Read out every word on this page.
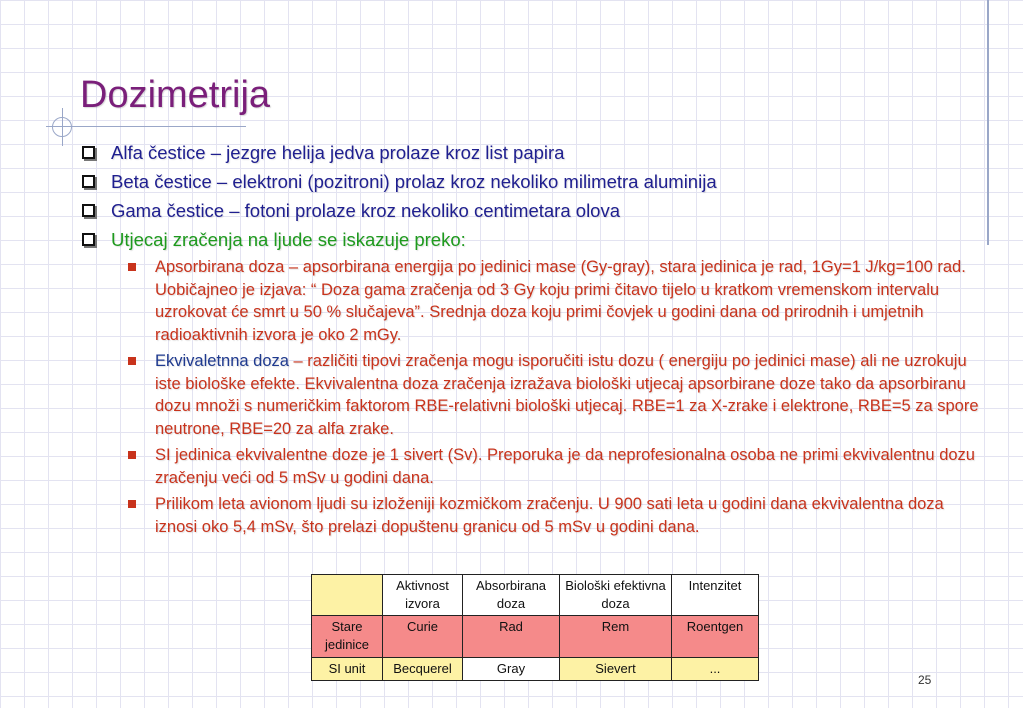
Dozimetrija
Alfa čestice – jezgre helija jedva prolaze kroz list papira
Beta čestice – elektroni (pozitroni) prolaz kroz nekoliko milimetra aluminija
Gama čestice – fotoni prolaze kroz nekoliko centimetara olova
Utjecaj zračenja na ljude se iskazuje preko:
Apsorbirana doza – apsorbirana energija po jedinici mase (Gy-gray), stara jedinica je rad, 1Gy=1 J/kg=100 rad. Uobičajneo je izjava: “ Doza gama zračenja od 3 Gy koju primi čitavo tijelo u kratkom vremenskom intervalu uzrokovat će smrt u 50 % slučajeva”. Srednja doza koju primi čovjek u godini dana od prirodnih i umjetnih radioaktivnih izvora je oko 2 mGy.
Ekvivaletnna doza – različiti tipovi zračenja mogu isporučiti istu dozu ( energiju po jedinici mase) ali ne uzrokuju iste biološke efekte. Ekvivalentna doza zračenja izražava biološki utjecaj apsorbirane doze tako da apsorbiranu dozu množi s numeričkim faktorom RBE-relativni biološki utjecaj. RBE=1 za X-zrake i elektrone, RBE=5 za spore neutrone, RBE=20 za alfa zrake.
SI jedinica ekvivalentne doze je 1 sivert (Sv). Preporuka je da neprofesionalna osoba ne primi ekvivalentnu dozu zračenju veći od 5 mSv u godini dana.
Prilikom leta avionom ljudi su izloženiji kozmičkom zračenju. U 900 sati leta u godini dana ekvivalentna doza iznosi oko 5,4 mSv, što prelazi dopuštenu granicu od 5 mSv u godini dana.
	Aktivnost izvora	Absorbirana doza	Biološki efektivna doza	Intenzitet
Stare jedinice	Curie	Rad	Rem	Roentgen
SI unit	Becquerel	Gray	Sievert	...
25
